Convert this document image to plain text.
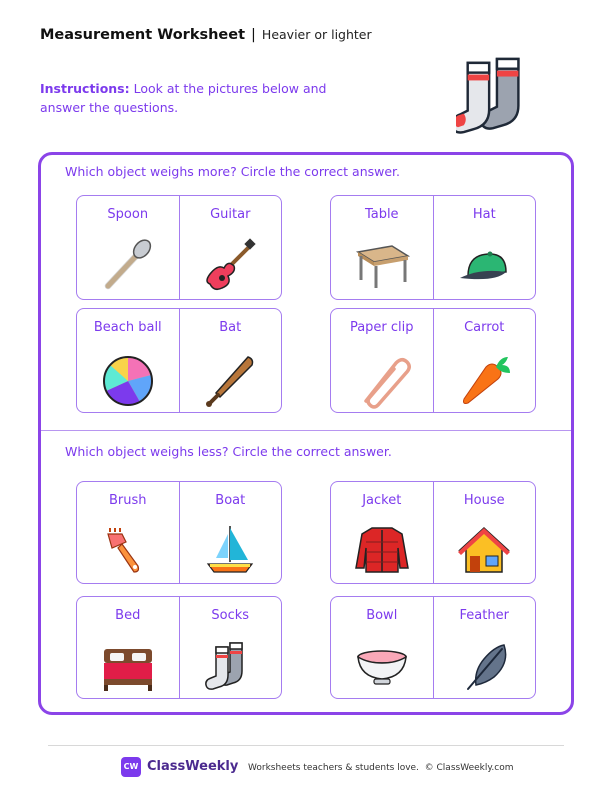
Measurement Worksheet | Heavier or lighter
Instructions: Look at the pictures below and answer the questions.
Which object weighs more? Circle the correct answer.
Spoon	Guitar	Table	Hat
Beach ball	Bat	Paper clip	Carrot
Which object weighs less? Circle the correct answer.
Brush	Boat	Jacket	House
Bed	Socks	Bowl	Feather
CW ClassWeekly Worksheets teachers & students love. © ClassWeekly.com
